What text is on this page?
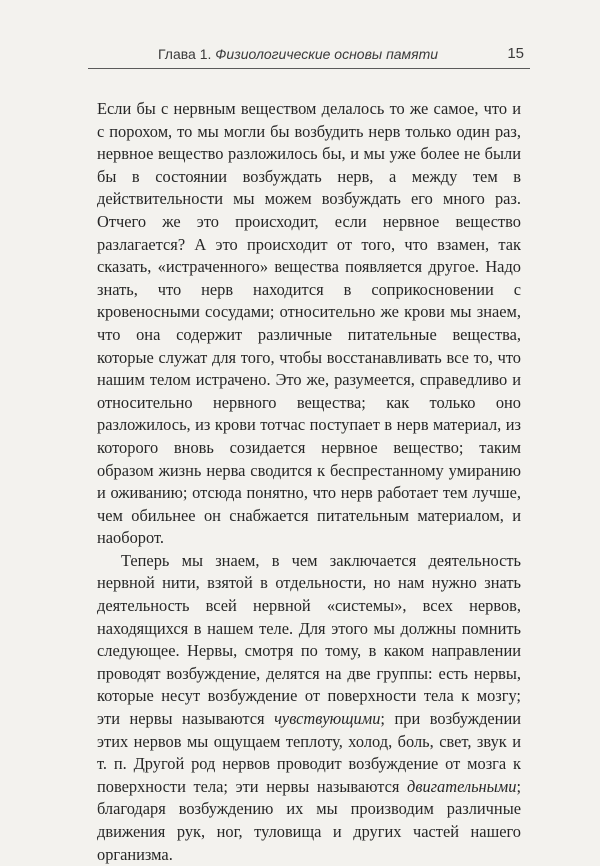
Глава 1. Физиологические основы памяти	15

Если бы с нервным веществом делалось то же самое, что и с порохом, то мы могли бы возбудить нерв только один раз, нервное вещество разложилось бы, и мы уже более не были бы в состоянии возбуждать нерв, а между тем в действительности мы можем возбуждать его много раз. Отчего же это происходит, если нервное вещество разлагается? А это происходит от того, что взамен, так сказать, «истраченного» вещества появляется другое. Надо знать, что нерв находится в соприкосновении с кровеносными сосудами; относительно же крови мы знаем, что она содержит различные питательные вещества, которые служат для того, чтобы восстанавливать все то, что нашим телом истрачено. Это же, разумеется, справедливо и относительно нервного вещества; как только оно разложилось, из крови тотчас поступает в нерв материал, из которого вновь созидается нервное вещество; таким образом жизнь нерва сводится к беспрестанному умиранию и оживанию; отсюда понятно, что нерв работает тем лучше, чем обильнее он снабжается питательным материалом, и наоборот.

Теперь мы знаем, в чем заключается деятельность нервной нити, взятой в отдельности, но нам нужно знать деятельность всей нервной «системы», всех нервов, находящихся в нашем теле. Для этого мы должны помнить следующее. Нервы, смотря по тому, в каком направлении проводят возбуждение, делятся на две группы: есть нервы, которые несут возбуждение от поверхности тела к мозгу; эти нервы называются чувствующими; при возбуждении этих нервов мы ощущаем теплоту, холод, боль, свет, звук и т. п. Другой род нервов проводит возбуждение от мозга к поверхности тела; эти нервы называются двигательными; благодаря возбуждению их мы производим различные движения рук, ног, туловища и других частей нашего организма.
